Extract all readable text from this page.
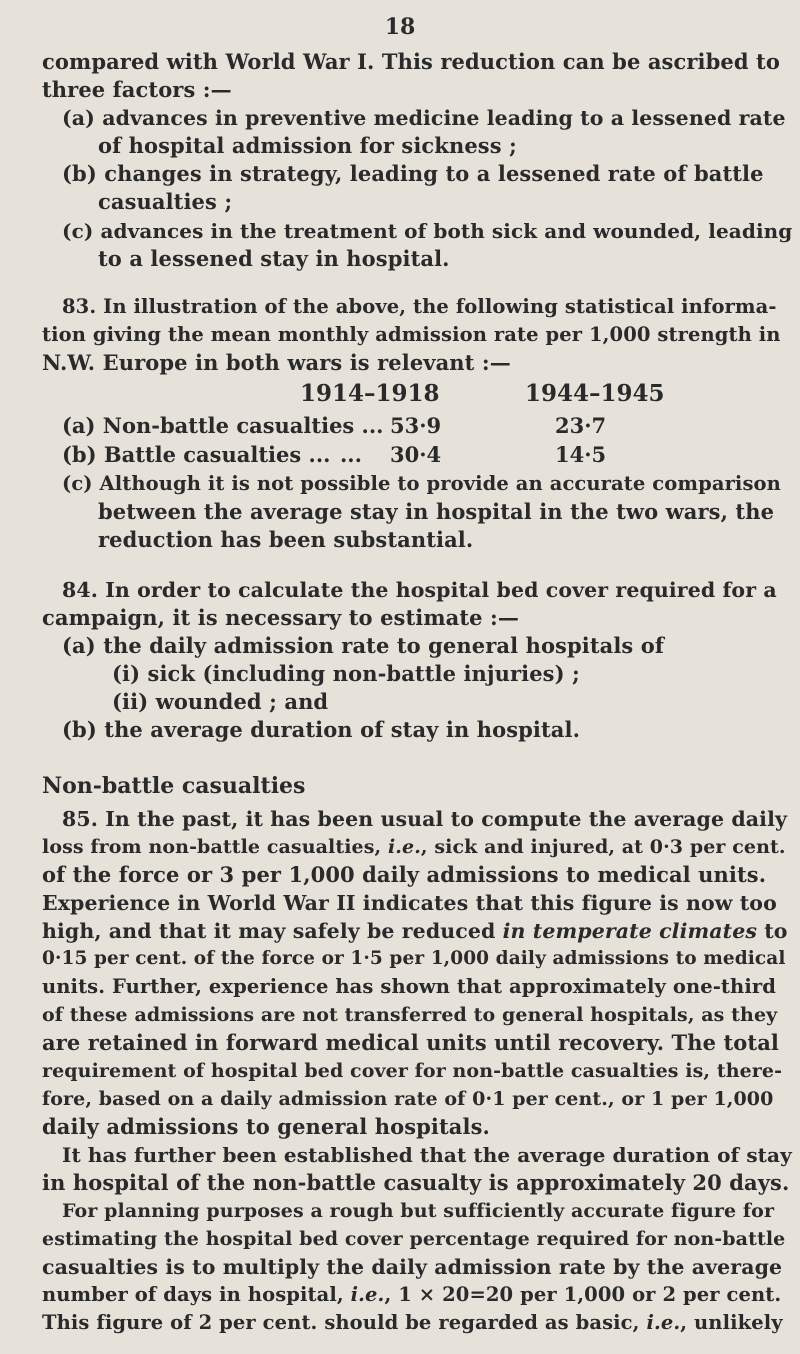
18
compared with World War I. This reduction can be ascribed to
three factors :—
(a) advances in preventive medicine leading to a lessened rate
of hospital admission for sickness ;
(b) changes in strategy, leading to a lessened rate of battle
casualties ;
(c) advances in the treatment of both sick and wounded, leading
to a lessened stay in hospital.
83. In illustration of the above, the following statistical informa-
tion giving the mean monthly admission rate per 1,000 strength in
N.W. Europe in both wars is relevant :—
1914–1918	1944–1945
(a) Non-battle casualties ... 53·9	23·7
(b) Battle casualties ... ... 30·4	14·5
(c) Although it is not possible to provide an accurate comparison
between the average stay in hospital in the two wars, the
reduction has been substantial.
84. In order to calculate the hospital bed cover required for a
campaign, it is necessary to estimate :—
(a) the daily admission rate to general hospitals of
(i) sick (including non-battle injuries) ;
(ii) wounded ; and
(b) the average duration of stay in hospital.
Non-battle casualties
85. In the past, it has been usual to compute the average daily
loss from non-battle casualties, i.e., sick and injured, at 0·3 per cent.
of the force or 3 per 1,000 daily admissions to medical units.
Experience in World War II indicates that this figure is now too
high, and that it may safely be reduced in temperate climates to
0·15 per cent. of the force or 1·5 per 1,000 daily admissions to medical
units. Further, experience has shown that approximately one-third
of these admissions are not transferred to general hospitals, as they
are retained in forward medical units until recovery. The total
requirement of hospital bed cover for non-battle casualties is, there-
fore, based on a daily admission rate of 0·1 per cent., or 1 per 1,000
daily admissions to general hospitals.
It has further been established that the average duration of stay
in hospital of the non-battle casualty is approximately 20 days.
For planning purposes a rough but sufficiently accurate figure for
estimating the hospital bed cover percentage required for non-battle
casualties is to multiply the daily admission rate by the average
number of days in hospital, i.e., 1 × 20=20 per 1,000 or 2 per cent.
This figure of 2 per cent. should be regarded as basic, i.e., unlikely
